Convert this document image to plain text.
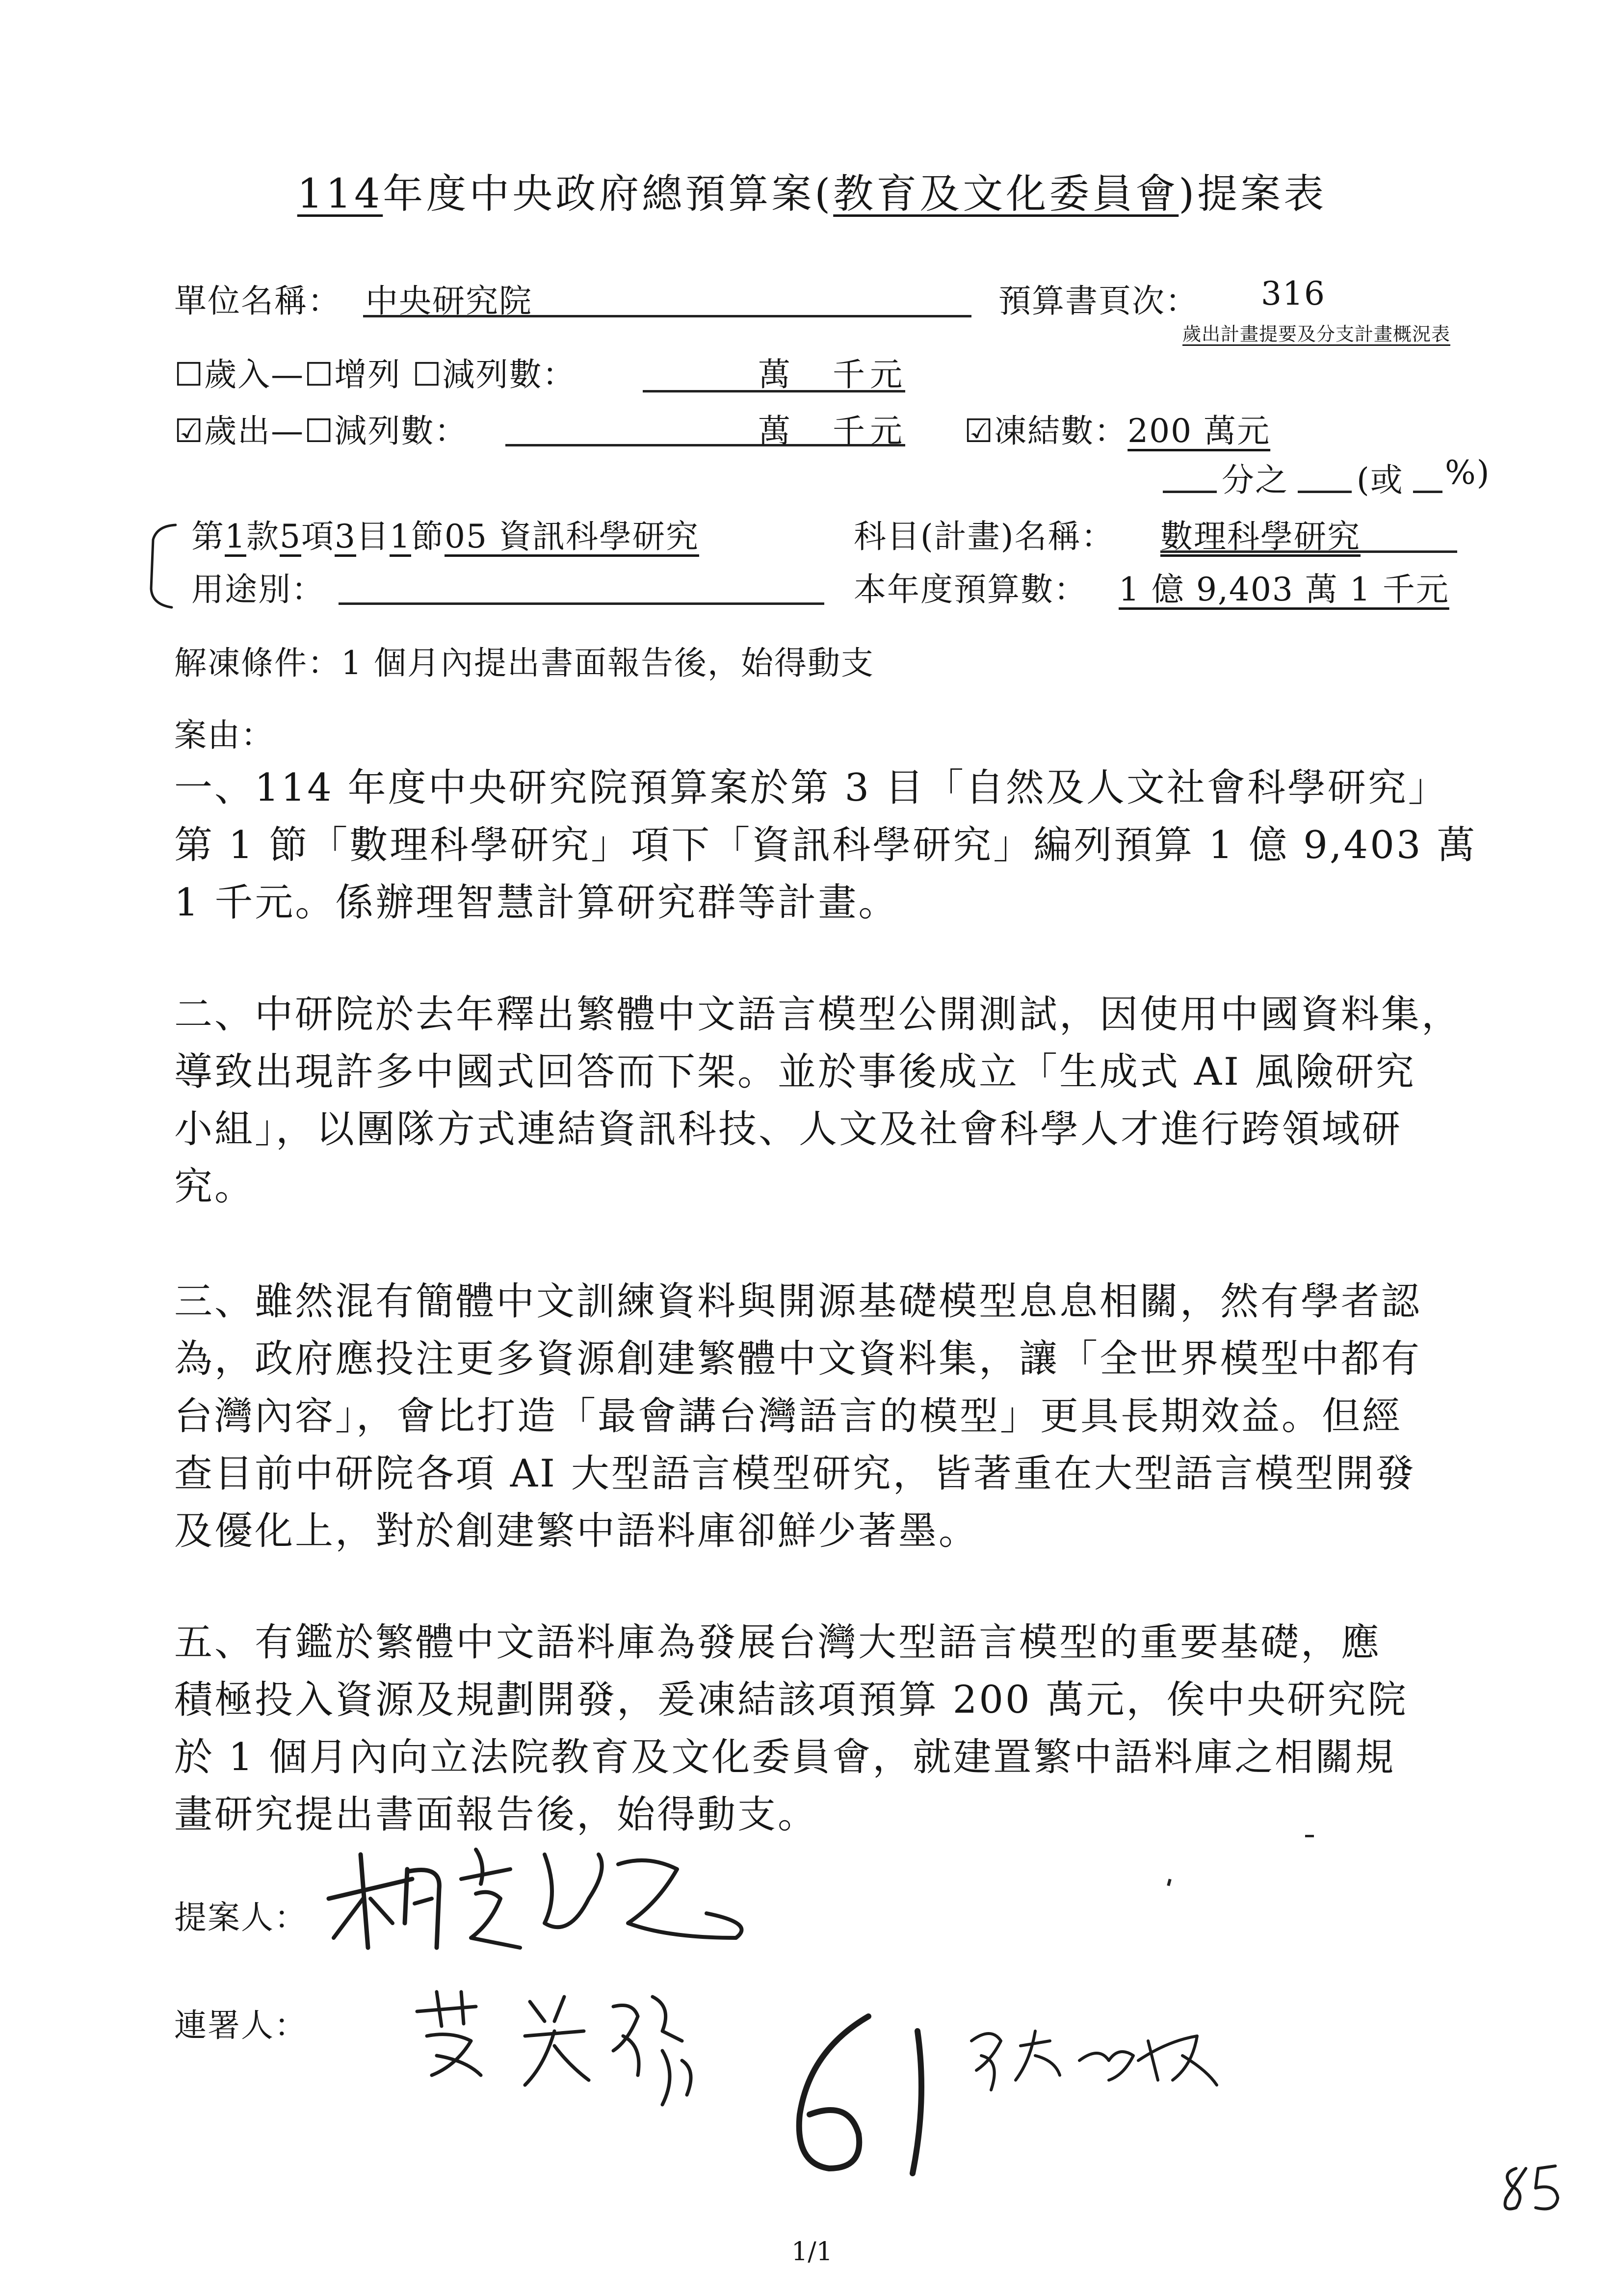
114年度中央政府總預算案(教育及文化委員會)提案表
單位名稱： 中央研究院	預算書頁次： 316
歲出計畫提要及分支計畫概況表
☐歲入—☐增列 ☐減列數：	萬　千元
☑歲出—☐減列數：	萬　千元 ☑凍結數：200 萬元
分之 (或 %)
第1款5項3目1節05 資訊科學研究	科目(計畫)名稱： 數理科學研究
用途別：	本年度預算數： 1 億 9,403 萬 1 千元
解凍條件：1 個月內提出書面報告後，始得動支
案由：
一、114 年度中央研究院預算案於第 3 目「自然及人文社會科學研究」
第 1 節「數理科學研究」項下「資訊科學研究」編列預算 1 億 9,403 萬
1 千元。係辦理智慧計算研究群等計畫。
二、中研院於去年釋出繁體中文語言模型公開測試，因使用中國資料集，
導致出現許多中國式回答而下架。並於事後成立「生成式 AI 風險研究
小組」，以團隊方式連結資訊科技、人文及社會科學人才進行跨領域研
究。
三、雖然混有簡體中文訓練資料與開源基礎模型息息相關，然有學者認
為，政府應投注更多資源創建繁體中文資料集，讓「全世界模型中都有
台灣內容」，會比打造「最會講台灣語言的模型」更具長期效益。但經
查目前中研院各項 AI 大型語言模型研究，皆著重在大型語言模型開發
及優化上，對於創建繁中語料庫卻鮮少著墨。
五、有鑑於繁體中文語料庫為發展台灣大型語言模型的重要基礎，應
積極投入資源及規劃開發，爰凍結該項預算 200 萬元，俟中央研究院
於 1 個月內向立法院教育及文化委員會，就建置繁中語料庫之相關規
畫研究提出書面報告後，始得動支。
提案人：
連署人：
1/1
